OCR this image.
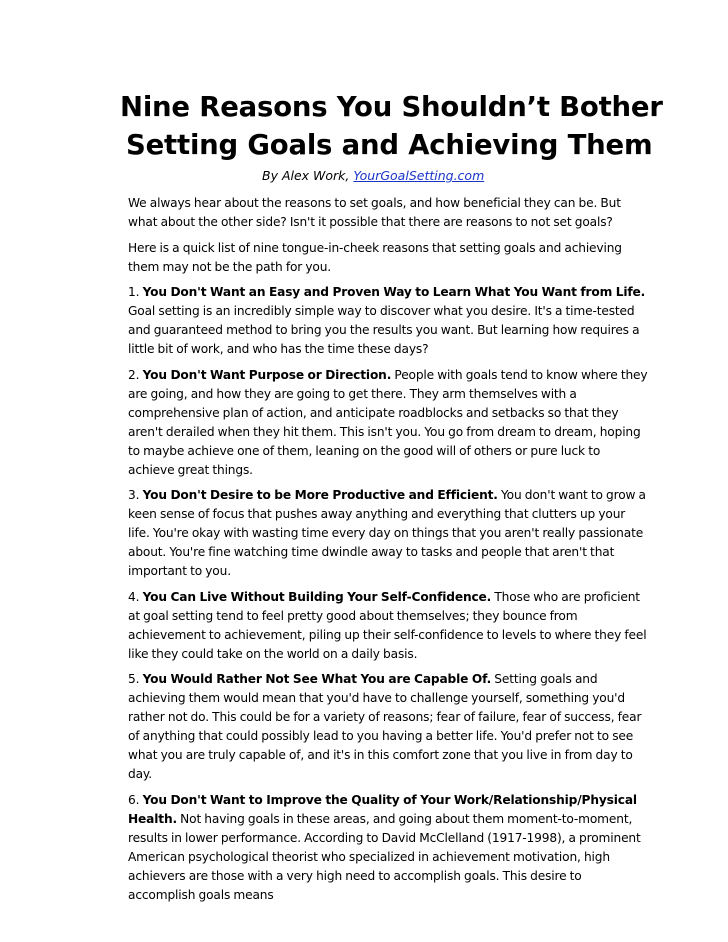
Nine Reasons You Shouldn’t Bother
Setting Goals and Achieving Them

By Alex Work, YourGoalSetting.com

We always hear about the reasons to set goals, and how beneficial they can be. But what about the other side? Isn't it possible that there are reasons to not set goals?

Here is a quick list of nine tongue-in-cheek reasons that setting goals and achieving them may not be the path for you.

1. You Don't Want an Easy and Proven Way to Learn What You Want from Life. Goal setting is an incredibly simple way to discover what you desire. It's a time-tested and guaranteed method to bring you the results you want. But learning how requires a little bit of work, and who has the time these days?

2. You Don't Want Purpose or Direction. People with goals tend to know where they are going, and how they are going to get there. They arm themselves with a comprehensive plan of action, and anticipate roadblocks and setbacks so that they aren't derailed when they hit them. This isn't you. You go from dream to dream, hoping to maybe achieve one of them, leaning on the good will of others or pure luck to achieve great things.

3. You Don't Desire to be More Productive and Efficient. You don't want to grow a keen sense of focus that pushes away anything and everything that clutters up your life. You're okay with wasting time every day on things that you aren't really passionate about. You're fine watching time dwindle away to tasks and people that aren't that important to you.

4. You Can Live Without Building Your Self-Confidence. Those who are proficient at goal setting tend to feel pretty good about themselves; they bounce from achievement to achievement, piling up their self-confidence to levels to where they feel like they could take on the world on a daily basis.

5. You Would Rather Not See What You are Capable Of. Setting goals and achieving them would mean that you'd have to challenge yourself, something you'd rather not do. This could be for a variety of reasons; fear of failure, fear of success, fear of anything that could possibly lead to you having a better life. You'd prefer not to see what you are truly capable of, and it's in this comfort zone that you live in from day to day.

6. You Don't Want to Improve the Quality of Your Work/Relationship/Physical Health. Not having goals in these areas, and going about them moment-to-moment, results in lower performance. According to David McClelland (1917-1998), a prominent American psychological theorist who specialized in achievement motivation, high achievers are those with a very high need to accomplish goals. This desire to accomplish goals means
